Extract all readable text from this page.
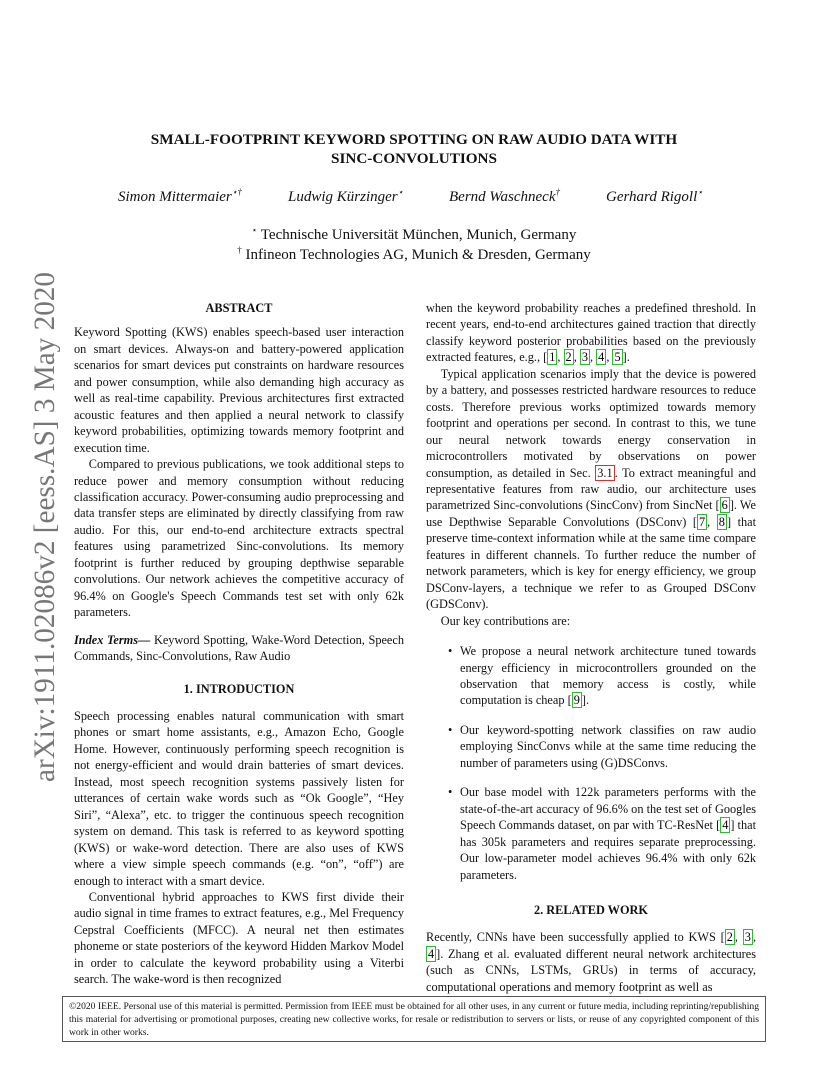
arXiv:1911.02086v2 [eess.AS] 3 May 2020
SMALL-FOOTPRINT KEYWORD SPOTTING ON RAW AUDIO DATA WITH
SINC-CONVOLUTIONS
Simon Mittermaier⋆†	Ludwig Kürzinger⋆	Bernd Waschneck†	Gerhard Rigoll⋆
⋆ Technische Universität München, Munich, Germany
† Infineon Technologies AG, Munich & Dresden, Germany

ABSTRACT

Keyword Spotting (KWS) enables speech-based user interaction on smart devices. Always-on and battery-powered application scenarios for smart devices put constraints on hardware resources and power consumption, while also demanding high accuracy as well as real-time capability. Previous architectures first extracted acoustic features and then applied a neural network to classify keyword probabilities, optimizing towards memory footprint and execution time.

Compared to previous publications, we took additional steps to reduce power and memory consumption without reducing classification accuracy. Power-consuming audio preprocessing and data transfer steps are eliminated by directly classifying from raw audio. For this, our end-to-end architecture extracts spectral features using parametrized Sinc-convolutions. Its memory footprint is further reduced by grouping depthwise separable convolutions. Our network achieves the competitive accuracy of 96.4% on Google's Speech Commands test set with only 62k parameters.

Index Terms— Keyword Spotting, Wake-Word Detection, Speech Commands, Sinc-Convolutions, Raw Audio

1. INTRODUCTION

Speech processing enables natural communication with smart phones or smart home assistants, e.g., Amazon Echo, Google Home. However, continuously performing speech recognition is not energy-efficient and would drain batteries of smart devices. Instead, most speech recognition systems passively listen for utterances of certain wake words such as “Ok Google”, “Hey Siri”, “Alexa”, etc. to trigger the continuous speech recognition system on demand. This task is referred to as keyword spotting (KWS) or wake-word detection. There are also uses of KWS where a view simple speech commands (e.g. “on”, “off”) are enough to interact with a smart device.

Conventional hybrid approaches to KWS first divide their audio signal in time frames to extract features, e.g., Mel Frequency Cepstral Coefficients (MFCC). A neural net then estimates phoneme or state posteriors of the keyword Hidden Markov Model in order to calculate the keyword probability using a Viterbi search. The wake-word is then recognized

when the keyword probability reaches a predefined threshold. In recent years, end-to-end architectures gained traction that directly classify keyword posterior probabilities based on the previously extracted features, e.g., [ 1 , 2 , 3 , 4 , 5 ].

Typical application scenarios imply that the device is powered by a battery, and possesses restricted hardware resources to reduce costs. Therefore previous works optimized towards memory footprint and operations per second. In contrast to this, we tune our neural network towards energy conservation in microcontrollers motivated by observations on power consumption, as detailed in Sec. 3.1 . To extract meaningful and representative features from raw audio, our architecture uses parametrized Sinc-convolutions (SincConv) from SincNet [ 6 ]. We use Depthwise Separable Convolutions (DSConv) [ 7 , 8 ] that preserve time-context information while at the same time compare features in different channels. To further reduce the number of network parameters, which is key for energy efficiency, we group DSConv-layers, a technique we refer to as Grouped DSConv (GDSConv).

Our key contributions are:

• We propose a neural network architecture tuned towards energy efficiency in microcontrollers grounded on the observation that memory access is costly, while computation is cheap [ 9 ].
• Our keyword-spotting network classifies on raw audio employing SincConvs while at the same time reducing the number of parameters using (G)DSConvs.
• Our base model with 122k parameters performs with the state-of-the-art accuracy of 96.6% on the test set of Googles Speech Commands dataset, on par with TC-ResNet [ 4 ] that has 305k parameters and requires separate preprocessing. Our low-parameter model achieves 96.4% with only 62k parameters.

2. RELATED WORK

Recently, CNNs have been successfully applied to KWS [ 2 , 3 , 4 ]. Zhang et al. evaluated different neural network architectures (such as CNNs, LSTMs, GRUs) in terms of accuracy, computational operations and memory footprint as well as

©2020 IEEE. Personal use of this material is permitted. Permission from IEEE must be obtained for all other uses, in any current or future media, including reprinting/republishing this material for advertising or promotional purposes, creating new collective works, for resale or redistribution to servers or lists, or reuse of any copyrighted component of this work in other works.
